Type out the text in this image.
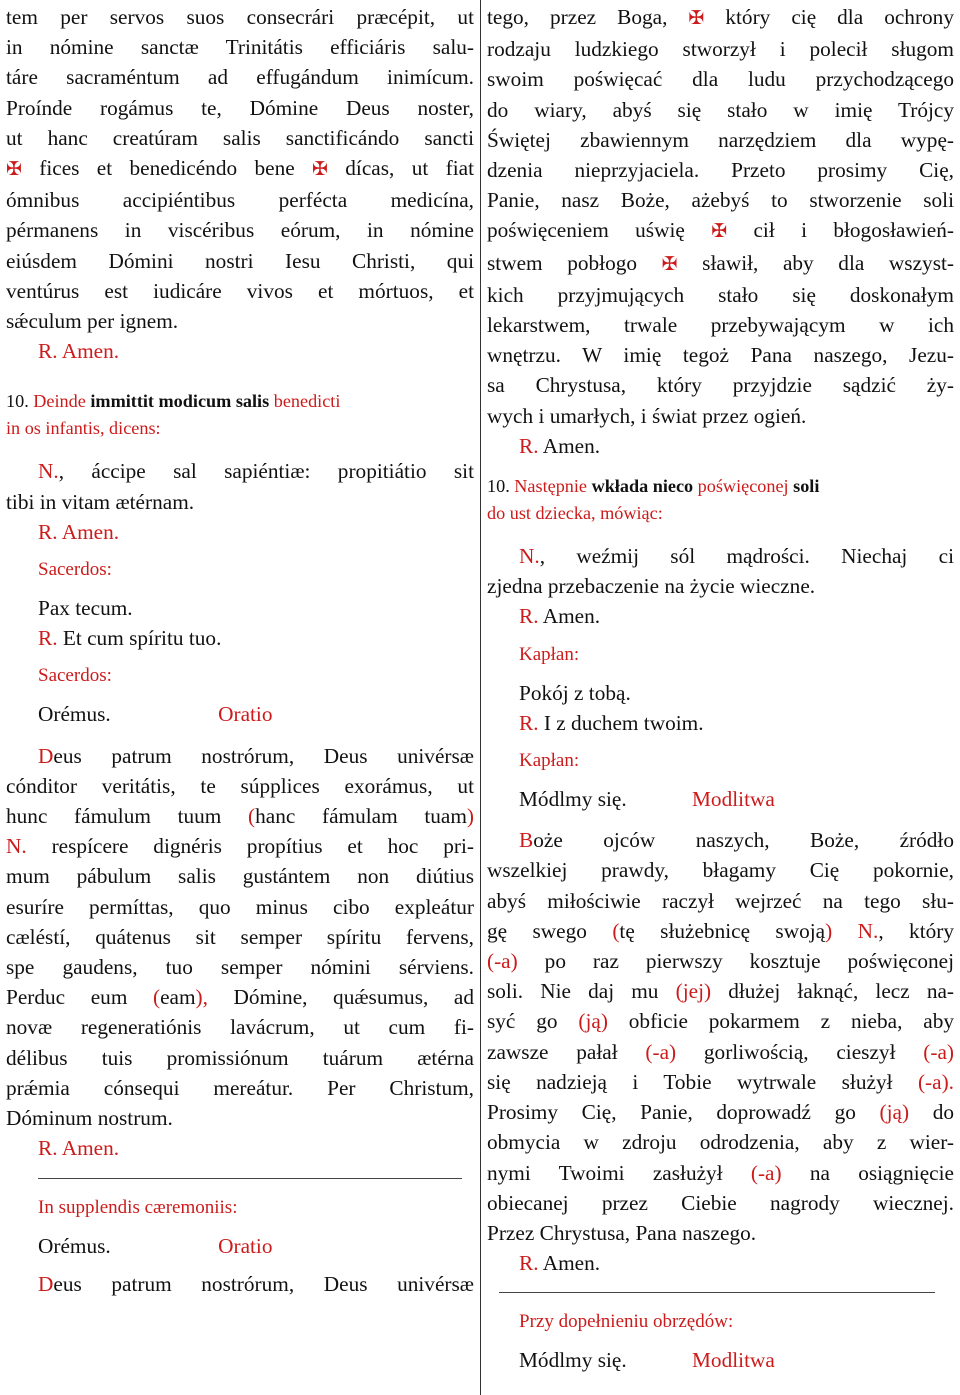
tem per servos suos consecrári præcépit, ut

in nómine sanctæ Trinitátis efficiáris salu-

táre sacraméntum ad effugándum inimícum.

Proínde rogámus te, Dómine Deus noster,

ut hanc creatúram salis sanctificándo sancti

✠ fices et benedicéndo bene ✠ dícas, ut fiat

ómnibus accipiéntibus perfécta medicína,

pérmanens in viscéribus eórum, in nómine

eiúsdem Dómini nostri Iesu Christi, qui

ventúrus est iudicáre vivos et mórtuos, et

sǽculum per ignem.

R. Amen.

10. Deinde immittit modicum salis benedicti

in os infantis, dicens:

N., áccipe sal sapiéntiæ: propitiátio sit

tibi in vitam ætérnam.

R. Amen.

Sacerdos:

Pax tecum.

R. Et cum spíritu tuo.

Sacerdos:

Orémus.	Oratio

Deus patrum nostrórum, Deus univérsæ

cónditor veritátis, te súpplices exorámus, ut

hunc fámulum tuum (hanc fámulam tuam)

N. respícere dignéris propítius et hoc pri-

mum pábulum salis gustántem non diútius

esuríre permíttas, quo minus cibo expleátur

cæléstí, quátenus sit semper spíritu fervens,

spe gaudens, tuo semper nómini sérviens.

Perduc eum (eam), Dómine, quǽsumus, ad

novæ regeneratiónis lavácrum, ut cum fi-

délibus tuis promissiónum tuárum ætérna

prǽmia cónsequi mereátur. Per Christum,

Dóminum nostrum.

R. Amen.

In supplendis cæremoniis:

Orémus.	Oratio

Deus patrum nostrórum, Deus univérsæ

tego, przez Boga, ✠ który cię dla ochrony

rodzaju ludzkiego stworzył i polecił sługom

swoim poświęcać dla ludu przychodzącego

do wiary, abyś się stało w imię Trójcy

Świętej zbawiennym narzędziem dla wypę-

dzenia nieprzyjaciela. Przeto prosimy Cię,

Panie, nasz Boże, ażebyś to stworzenie soli

poświęceniem uświę ✠ cił i błogosławień-

stwem pobłogo ✠ sławił, aby dla wszyst-

kich przyjmujących stało się doskonałym

lekarstwem, trwale przebywającym w ich

wnętrzu. W imię tegoż Pana naszego, Jezu-

sa Chrystusa, który przyjdzie sądzić ży-

wych i umarłych, i świat przez ogień.

R. Amen.

10. Następnie wkłada nieco poświęconej soli

do ust dziecka, mówiąc:

N., weźmij sól mądrości. Niechaj ci

zjedna przebaczenie na życie wieczne.

R. Amen.

Kapłan:

Pokój z tobą.

R. I z duchem twoim.

Kapłan:

Módlmy się.	Modlitwa

Boże ojców naszych, Boże, źródło

wszelkiej prawdy, błagamy Cię pokornie,

abyś miłościwie raczył wejrzeć na tego słu-

gę swego (tę służebnicę swoją) N., który

(-a) po raz pierwszy kosztuje poświęconej

soli. Nie daj mu (jej) dłużej łaknąć, lecz na-

syć go (ją) obficie pokarmem z nieba, aby

zawsze pałał (-a) gorliwością, cieszył (-a)

się nadzieją i Tobie wytrwale służył (-a).

Prosimy Cię, Panie, doprowadź go (ją) do

obmycia w zdroju odrodzenia, aby z wier-

nymi Twoimi zasłużył (-a) na osiągnięcie

obiecanej przez Ciebie nagrody wiecznej.

Przez Chrystusa, Pana naszego.

R. Amen.

Przy dopełnieniu obrzędów:

Módlmy się.	Modlitwa
